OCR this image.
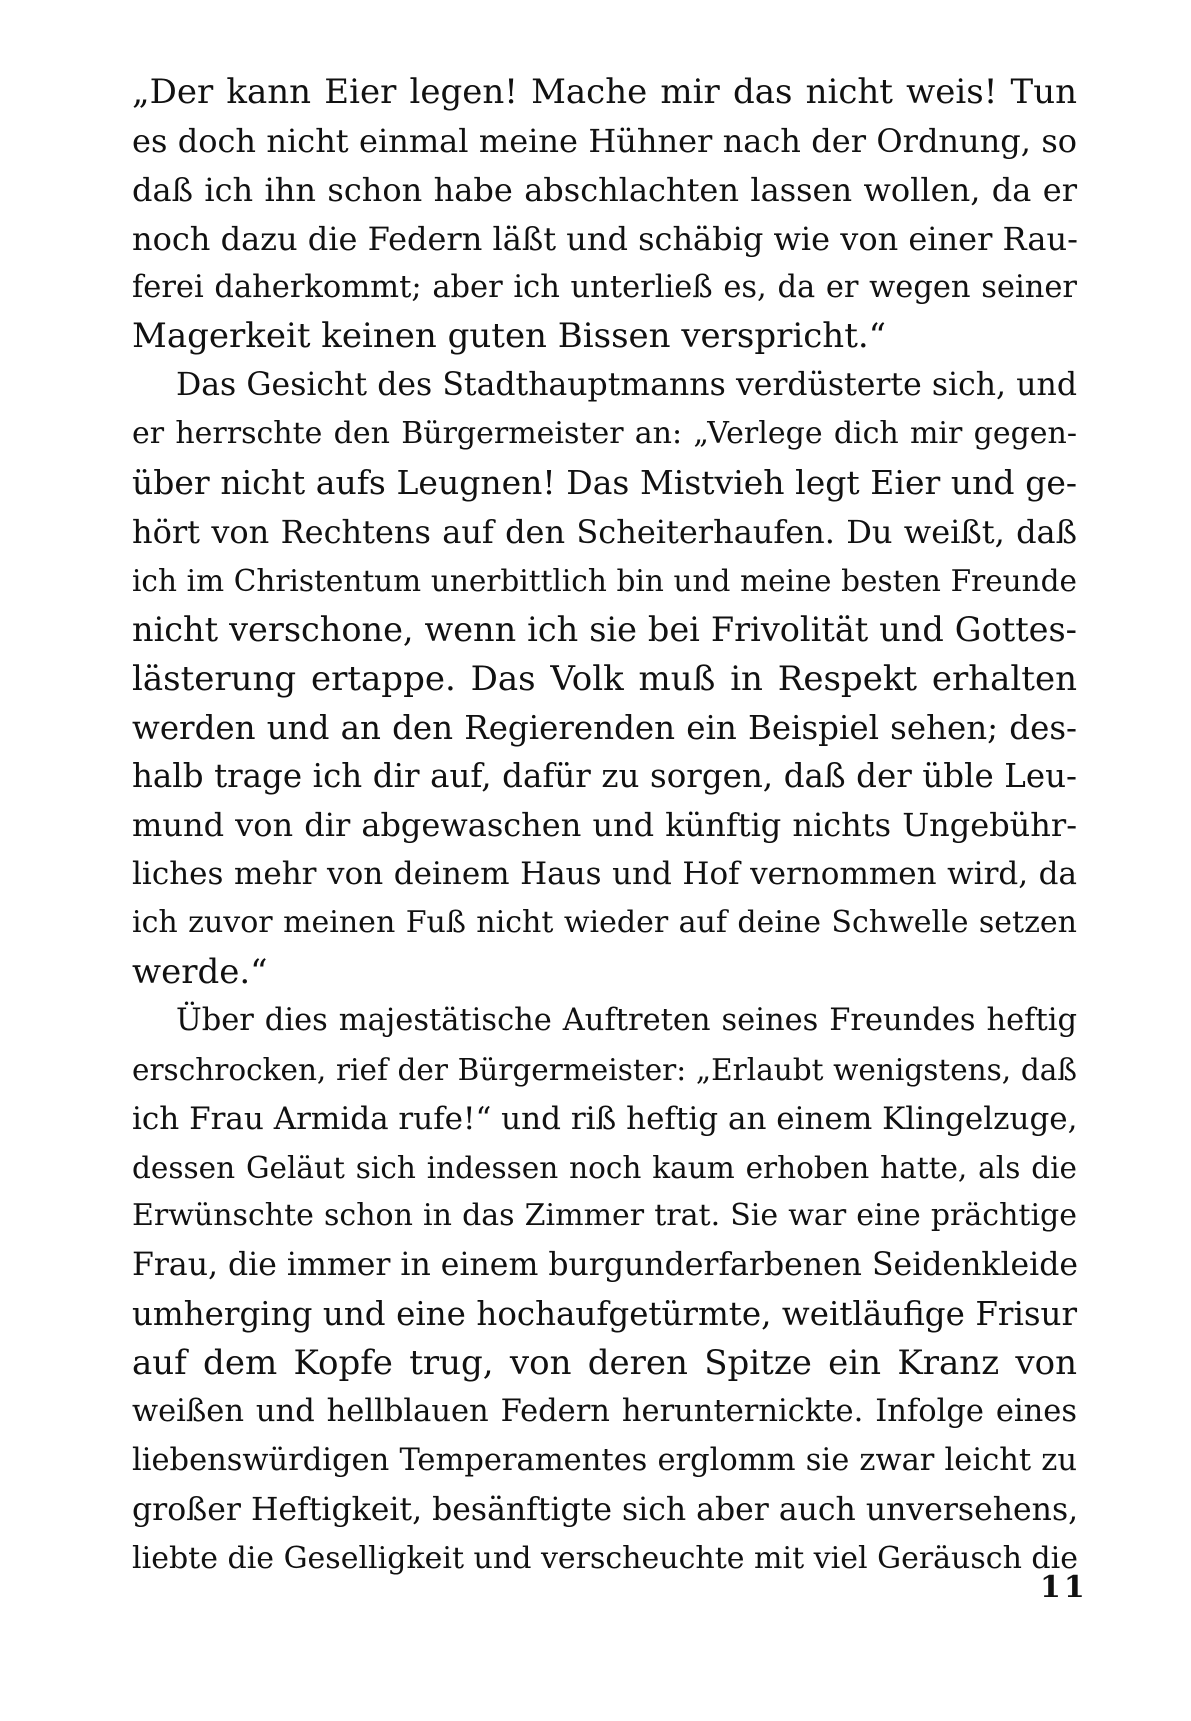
„Der kann Eier legen! Mache mir das nicht weis! Tun
es doch nicht einmal meine Hühner nach der Ordnung, so
daß ich ihn schon habe abschlachten lassen wollen, da er
noch dazu die Federn läßt und schäbig wie von einer Rau-
ferei daherkommt; aber ich unterließ es, da er wegen seiner
Magerkeit keinen guten Bissen verspricht.“
Das Gesicht des Stadthauptmanns verdüsterte sich, und
er herrschte den Bürgermeister an: „Verlege dich mir gegen-
über nicht aufs Leugnen! Das Mistvieh legt Eier und ge-
hört von Rechtens auf den Scheiterhaufen. Du weißt, daß
ich im Christentum unerbittlich bin und meine besten Freunde
nicht verschone, wenn ich sie bei Frivolität und Gottes-
lästerung ertappe. Das Volk muß in Respekt erhalten
werden und an den Regierenden ein Beispiel sehen; des-
halb trage ich dir auf, dafür zu sorgen, daß der üble Leu-
mund von dir abgewaschen und künftig nichts Ungebühr-
liches mehr von deinem Haus und Hof vernommen wird, da
ich zuvor meinen Fuß nicht wieder auf deine Schwelle setzen
werde.“
Über dies majestätische Auftreten seines Freundes heftig
erschrocken, rief der Bürgermeister: „Erlaubt wenigstens, daß
ich Frau Armida rufe!“ und riß heftig an einem Klingelzuge,
dessen Geläut sich indessen noch kaum erhoben hatte, als die
Erwünschte schon in das Zimmer trat. Sie war eine prächtige
Frau, die immer in einem burgunderfarbenen Seidenkleide
umherging und eine hochaufgetürmte, weitläufige Frisur
auf dem Kopfe trug, von deren Spitze ein Kranz von
weißen und hellblauen Federn herunternickte. Infolge eines
liebenswürdigen Temperamentes erglomm sie zwar leicht zu
großer Heftigkeit, besänftigte sich aber auch unversehens,
liebte die Geselligkeit und verscheuchte mit viel Geräusch die
11
